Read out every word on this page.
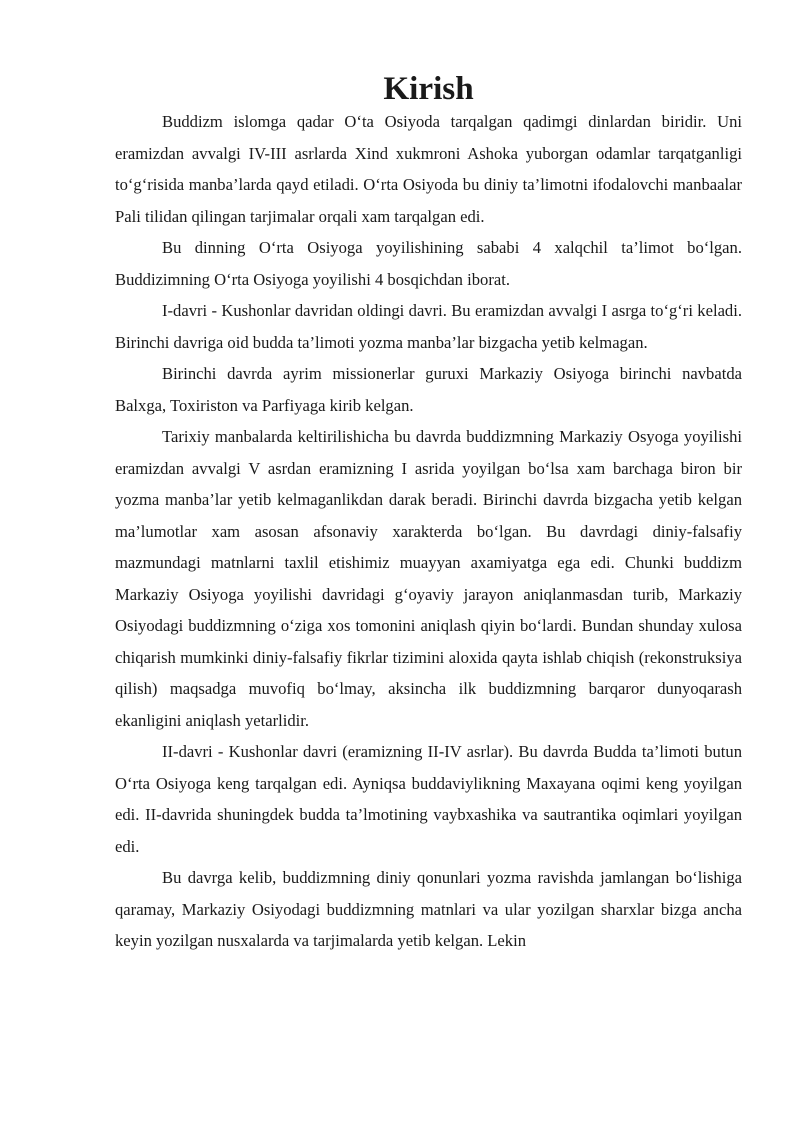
Kirish

Buddizm islomga qadar O‘ta Osiyoda tarqalgan qadimgi dinlardan biridir. Uni eramizdan avvalgi IV-III asrlarda Xind xukmroni Ashoka yuborgan odamlar tarqatganligi to‘g‘risida manba’larda qayd etiladi. O‘rta Osiyoda bu diniy ta’limotni ifodalovchi manbaalar Pali tilidan qilingan tarjimalar orqali xam tarqalgan edi.

Bu dinning O‘rta Osiyoga yoyilishining sababi 4 xalqchil ta’limot bo‘lgan. Buddizimning O‘rta Osiyoga yoyilishi 4 bosqichdan iborat.

I-davri - Kushonlar davridan oldingi davri. Bu eramizdan avvalgi I asrga to‘g‘ri keladi. Birinchi davriga oid budda ta’limoti yozma manba’lar bizgacha yetib kelmagan.

Birinchi davrda ayrim missionerlar guruxi Markaziy Osiyoga birinchi navbatda Balxga, Toxiriston va Parfiyaga kirib kelgan.

Tarixiy manbalarda keltirilishicha bu davrda buddizmning Markaziy Osyoga yoyilishi eramizdan avvalgi V asrdan eramizning I asrida yoyilgan bo‘lsa xam barchaga biron bir yozma manba’lar yetib kelmaganlikdan darak beradi. Birinchi davrda bizgacha yetib kelgan ma’lumotlar xam asosan afsonaviy xarakterda bo‘lgan. Bu davrdagi diniy-falsafiy mazmundagi matnlarni taxlil etishimiz muayyan axamiyatga ega edi. Chunki buddizm Markaziy Osiyoga yoyilishi davridagi g‘oyaviy jarayon aniqlanmasdan turib, Markaziy Osiyodagi buddizmning o‘ziga xos tomonini aniqlash qiyin bo‘lardi. Bundan shunday xulosa chiqarish mumkinki diniy-falsafiy fikrlar tizimini aloxida qayta ishlab chiqish (rekonstruksiya qilish) maqsadga muvofiq bo‘lmay, aksincha ilk buddizmning barqaror dunyoqarash ekanligini aniqlash yetarlidir.

II-davri - Kushonlar davri (eramizning II-IV asrlar). Bu davrda Budda ta’limoti butun O‘rta Osiyoga keng tarqalgan edi. Ayniqsa buddaviylikning Maxayana oqimi keng yoyilgan edi. II-davrida shuningdek budda ta’lmotining vaybxashika va sautrantika oqimlari yoyilgan edi.

Bu davrga kelib, buddizmning diniy qonunlari yozma ravishda jamlangan bo‘lishiga qaramay, Markaziy Osiyodagi buddizmning matnlari va ular yozilgan sharxlar bizga ancha keyin yozilgan nusxalarda va tarjimalarda yetib kelgan. Lekin
